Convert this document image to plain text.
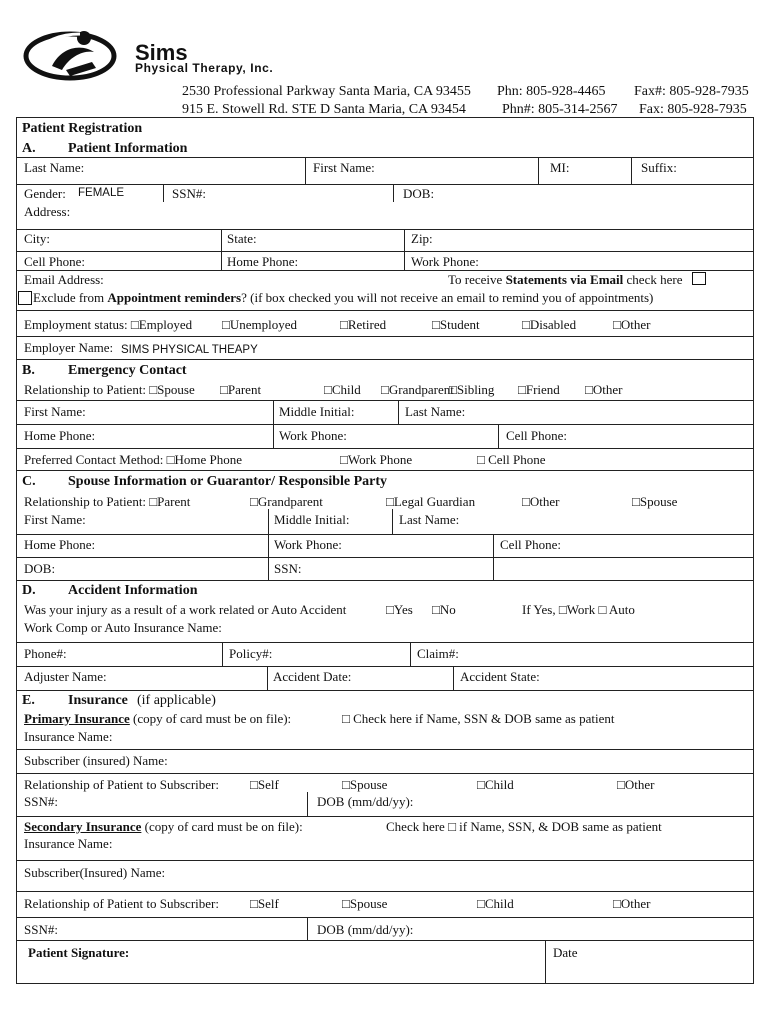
Sims
Physical Therapy, Inc.
2530 Professional Parkway Santa Maria, CA 93455 Phn: 805-928-4465 Fax#: 805-928-7935
915 E. Stowell Rd. STE D Santa Maria, CA 93454	Phn#: 805-314-2567 Fax: 805-928-7935
Patient Registration
A. Patient Information
Last Name:	First Name:	MI:	Suffix:
Gender: FEMALE	SSN#:	DOB:
Address:
City:	State:	Zip:
Cell Phone:	Home Phone:	Work Phone:
Email Address:	To receive Statements via Email check here
Exclude from Appointment reminders? (if box checked you will not receive an email to remind you of appointments)
Employment status: □Employed □Unemployed	□Retired	□Student	□Disabled	□Other
Employer Name: SIMS PHYSICAL THEAPY
B. Emergency Contact
Relationship to Patient: □Spouse □Parent	□Child □Grandparent
□Sibling □Friend □Other
First Name:	Middle Initial:	Last Name:
Home Phone:	Work Phone:	Cell Phone:
Preferred Contact Method: □Home Phone	□Work Phone	□ Cell Phone
C. Spouse Information or Guarantor/ Responsible Party
Relationship to Patient: □Parent	□Grandparent	□Legal Guardian	□Other	□Spouse
First Name:	Middle Initial:	Last Name:
Home Phone:	Work Phone:	Cell Phone:
DOB:	SSN:
D. Accident Information
Was your injury as a result of a work related or Auto Accident	□Yes □No	If Yes, □Work □ Auto
Work Comp or Auto Insurance Name:
Phone#:	Policy#:	Claim#:
Adjuster Name:	Accident Date:	Accident State:
E. Insurance (if applicable)
Primary Insurance (copy of card must be on file):	□ Check here if Name, SSN & DOB same as patient
Insurance Name:
Subscriber (insured) Name:
Relationship of Patient to Subscriber: □Self	□Spouse	□Child	□Other
SSN#:	DOB (mm/dd/yy):
Secondary Insurance (copy of card must be on file):	Check here □ if Name, SSN, & DOB same as patient
Insurance Name:
Subscriber(Insured) Name:
Relationship of Patient to Subscriber: □Self	□Spouse	□Child	□Other
SSN#:	DOB (mm/dd/yy):
Patient Signature:	Date
